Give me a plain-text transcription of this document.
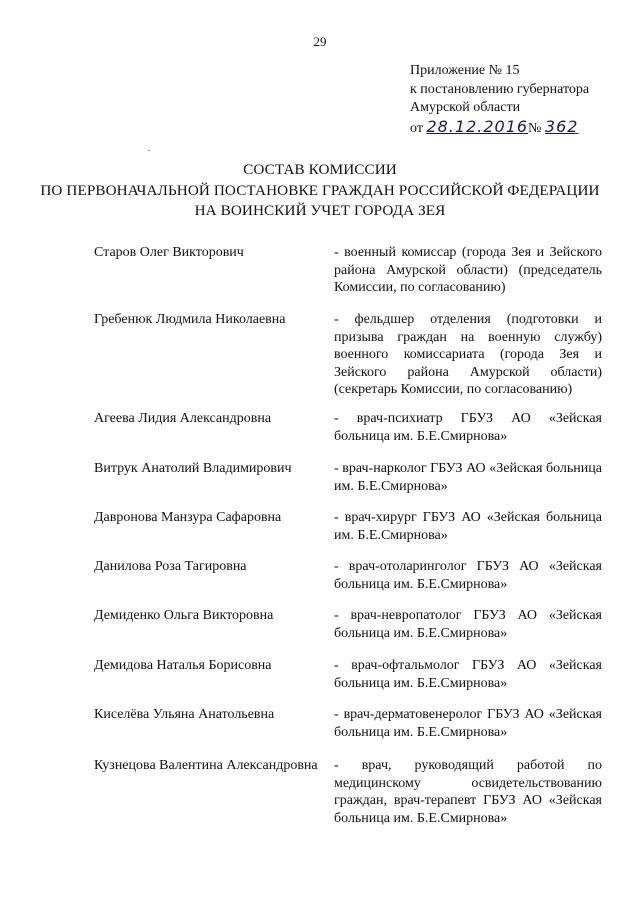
29
Приложение № 15
к постановлению губернатора
Амурской области
от 28.12.2016№ 362
СОСТАВ КОМИССИИ
ПО ПЕРВОНАЧАЛЬНОЙ ПОСТАНОВКЕ ГРАЖДАН РОССИЙСКОЙ ФЕДЕРАЦИИ
НА ВОИНСКИЙ УЧЕТ ГОРОДА ЗЕЯ
Старов Олег Викторович	- военный комиссар (города Зея и Зейского района Амурской области) (председатель Комиссии, по согласованию)
Гребенюк Людмила Николаевна	- фельдшер отделения (подготовки и призыва граждан на военную службу) военного комиссариата (города Зея и Зейского района Амурской области) (секретарь Комиссии, по согласованию)
Агеева Лидия Александровна	- врач-психиатр ГБУЗ АО «Зейская больница им. Б.Е.Смирнова»
Витрук Анатолий Владимирович	- врач-нарколог ГБУЗ АО «Зейская больница им. Б.Е.Смирнова»
Давронова Манзура Сафаровна	- врач-хирург ГБУЗ АО «Зейская больница им. Б.Е.Смирнова»
Данилова Роза Тагировна	- врач-отоларинголог ГБУЗ АО «Зейская больница им. Б.Е.Смирнова»
Демиденко Ольга Викторовна	- врач-невропатолог ГБУЗ АО «Зейская больница им. Б.Е.Смирнова»
Демидова Наталья Борисовна	- врач-офтальмолог ГБУЗ АО «Зейская больница им. Б.Е.Смирнова»
Киселёва Ульяна Анатольевна	- врач-дерматовенеролог ГБУЗ АО «Зейская больница им. Б.Е.Смирнова»
Кузнецова Валентина Александровна - врач, руководящий работой по медицинскому освидетельствованию граждан, врач-терапевт ГБУЗ АО «Зейская больница им. Б.Е.Смирнова»
